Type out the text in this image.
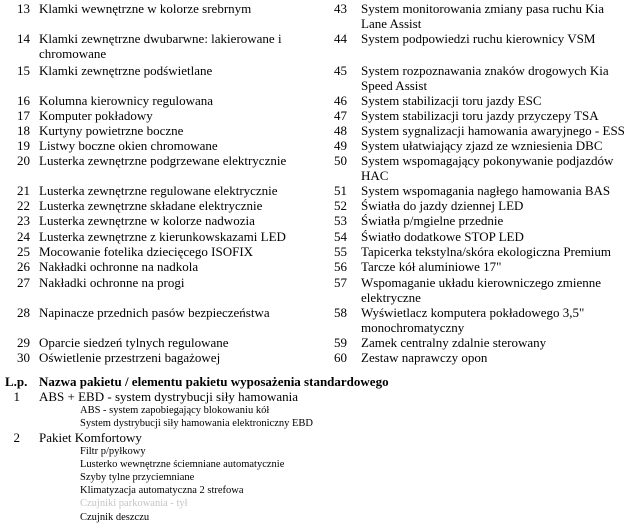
L.p. Nazwa pakietu / elementu pakietu wyposażenia standardowego
13 Klamki wewnętrzne w kolorze srebrnym
14 Klamki zewnętrzne dwubarwne: lakierowane i
chromowane
15 Klamki zewnętrzne podświetlane
16 Kolumna kierownicy regulowana
17 Komputer pokładowy
18 Kurtyny powietrzne boczne
19 Listwy boczne okien chromowane
20 Lusterka zewnętrzne podgrzewane elektrycznie
21 Lusterka zewnętrzne regulowane elektrycznie
22 Lusterka zewnętrzne składane elektrycznie
23 Lusterka zewnętrzne w kolorze nadwozia
24 Lusterka zewnętrzne z kierunkowskazami LED
25 Mocowanie fotelika dziecięcego ISOFIX
26 Nakładki ochronne na nadkola
27 Nakładki ochronne na progi
28 Napinacze przednich pasów bezpieczeństwa
29 Oparcie siedzeń tylnych regulowane
30 Oświetlenie przestrzeni bagażowej
43 System monitorowania zmiany pasa ruchu Kia
Lane Assist
44 System podpowiedzi ruchu kierownicy VSM
45 System rozpoznawania znaków drogowych Kia
Speed Assist
46 System stabilizacji toru jazdy ESC
47 System stabilizacji toru jazdy przyczepy TSA
48 System sygnalizacji hamowania awaryjnego - ESS
49 System ułatwiający zjazd ze wzniesienia DBC
50 System wspomagający pokonywanie podjazdów
HAC
51 System wspomagania nagłego hamowania BAS
52 Światła do jazdy dziennej LED
53 Światła p/mgielne przednie
54 Światło dodatkowe STOP LED
55 Tapicerka tekstylna/skóra ekologiczna Premium
56 Tarcze kół aluminiowe 17"
57 Wspomaganie układu kierowniczego zmienne
elektryczne
58 Wyświetlacz komputera pokładowego 3,5"
monochromatyczny
59 Zamek centralny zdalnie sterowany
60 Zestaw naprawczy opon
1 ABS + EBD - system dystrybucji siły hamowania
ABS - system zapobiegający blokowaniu kół
System dystrybucji siły hamowania elektroniczny EBD
2 Pakiet Komfortowy
Filtr p/pyłkowy
Lusterko wewnętrzne ściemniane automatycznie
Szyby tylne przyciemniane
Klimatyzacja automatyczna 2 strefowa
Czujniki parkowania - tył
Czujnik deszczu
